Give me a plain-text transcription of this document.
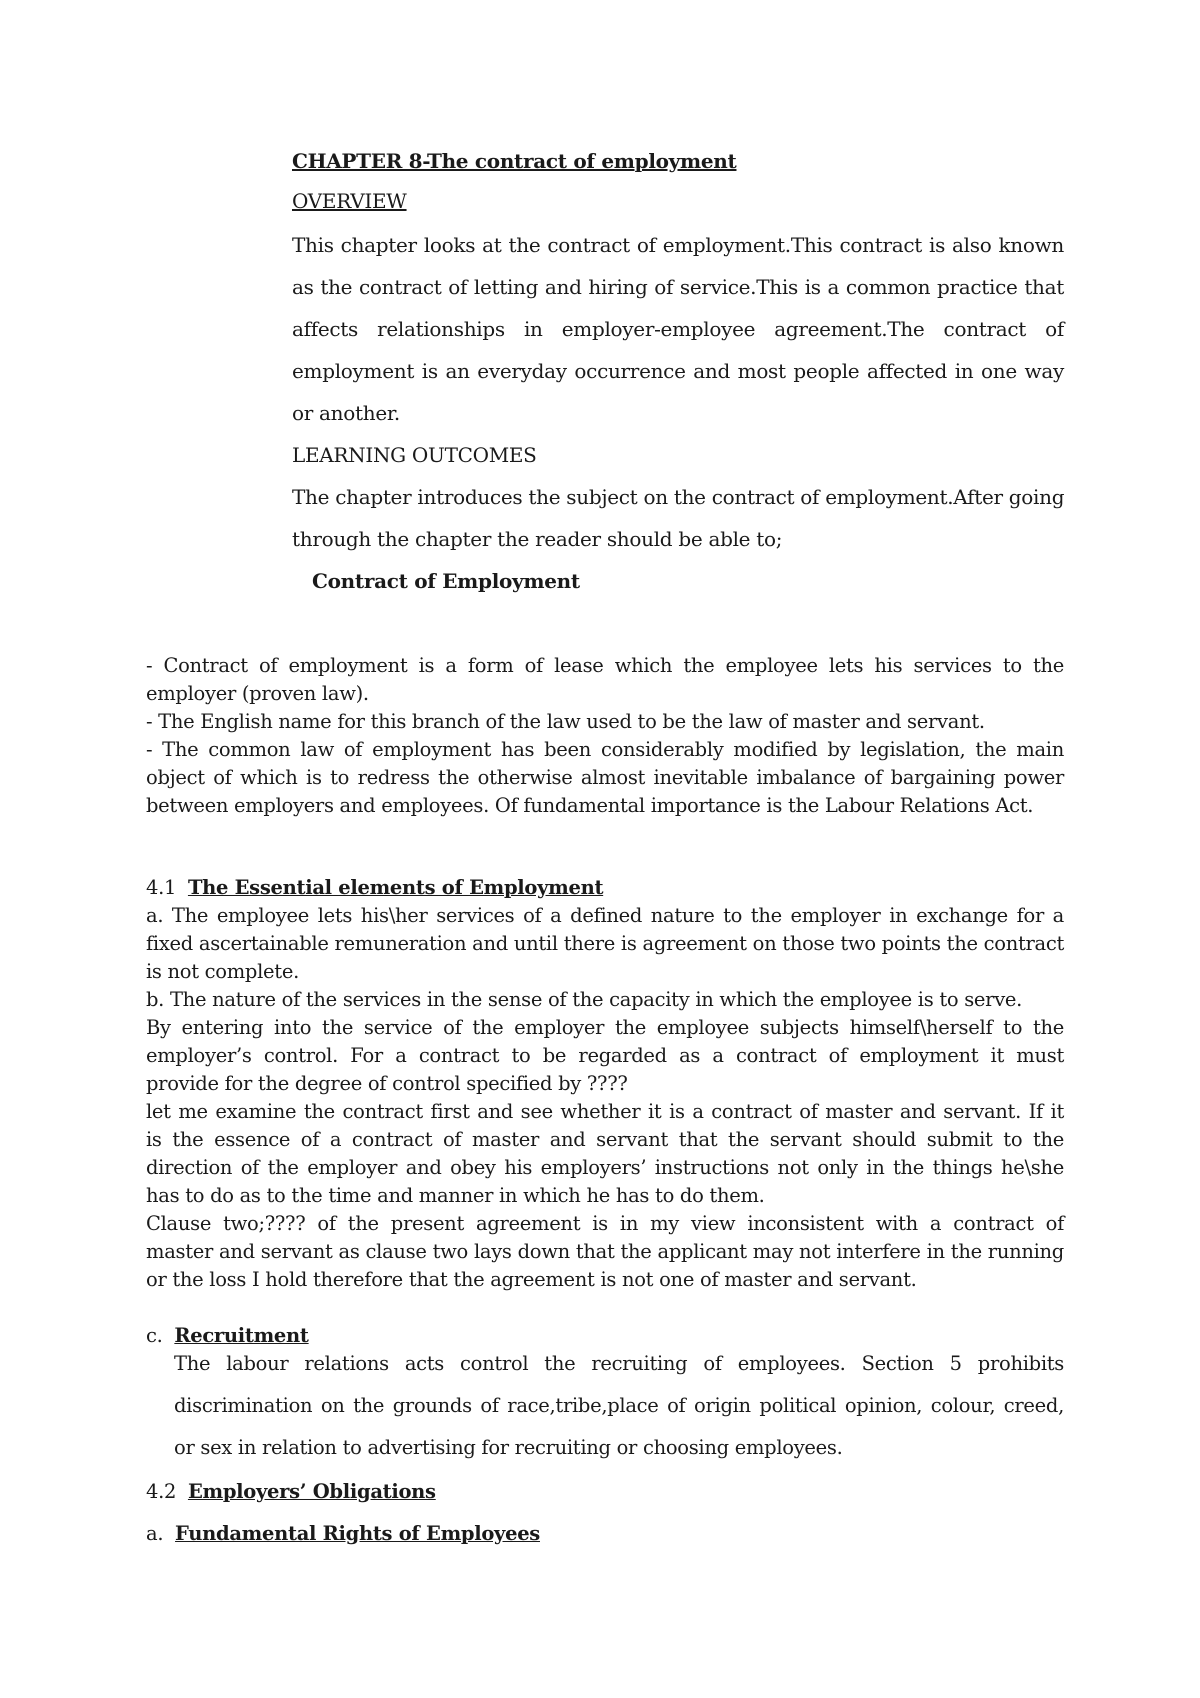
CHAPTER 8-The contract of employment
OVERVIEW
This chapter looks at the contract of employment.This contract is also known
as the contract of letting and hiring of service.This is a common practice that
affects relationships in employer-employee agreement.The contract of
employment is an everyday occurrence and most people affected in one way
or another.
LEARNING OUTCOMES
The chapter introduces the subject on the contract of employment.After going
through the chapter the reader should be able to;
Contract of Employment
- Contract of employment is a form of lease which the employee lets his services to the
employer (proven law).
- The English name for this branch of the law used to be the law of master and servant.
- The common law of employment has been considerably modified by legislation, the main
object of which is to redress the otherwise almost inevitable imbalance of bargaining power
between employers and employees. Of fundamental importance is the Labour Relations Act.
4.1 The Essential elements of Employment
a. The employee lets his\her services of a defined nature to the employer in exchange for a
fixed ascertainable remuneration and until there is agreement on those two points the contract
is not complete.
b. The nature of the services in the sense of the capacity in which the employee is to serve.
By entering into the service of the employer the employee subjects himself\herself to the
employer’s control. For a contract to be regarded as a contract of employment it must
provide for the degree of control specified by ????
let me examine the contract first and see whether it is a contract of master and servant. If it
is the essence of a contract of master and servant that the servant should submit to the
direction of the employer and obey his employers’ instructions not only in the things he\she
has to do as to the time and manner in which he has to do them.
Clause two;???? of the present agreement is in my view inconsistent with a contract of
master and servant as clause two lays down that the applicant may not interfere in the running
or the loss I hold therefore that the agreement is not one of master and servant.
c. Recruitment
The labour relations acts control the recruiting of employees. Section 5 prohibits
discrimination on the grounds of race,tribe,place of origin political opinion, colour, creed,
or sex in relation to advertising for recruiting or choosing employees.
4.2 Employers’ Obligations
a. Fundamental Rights of Employees
